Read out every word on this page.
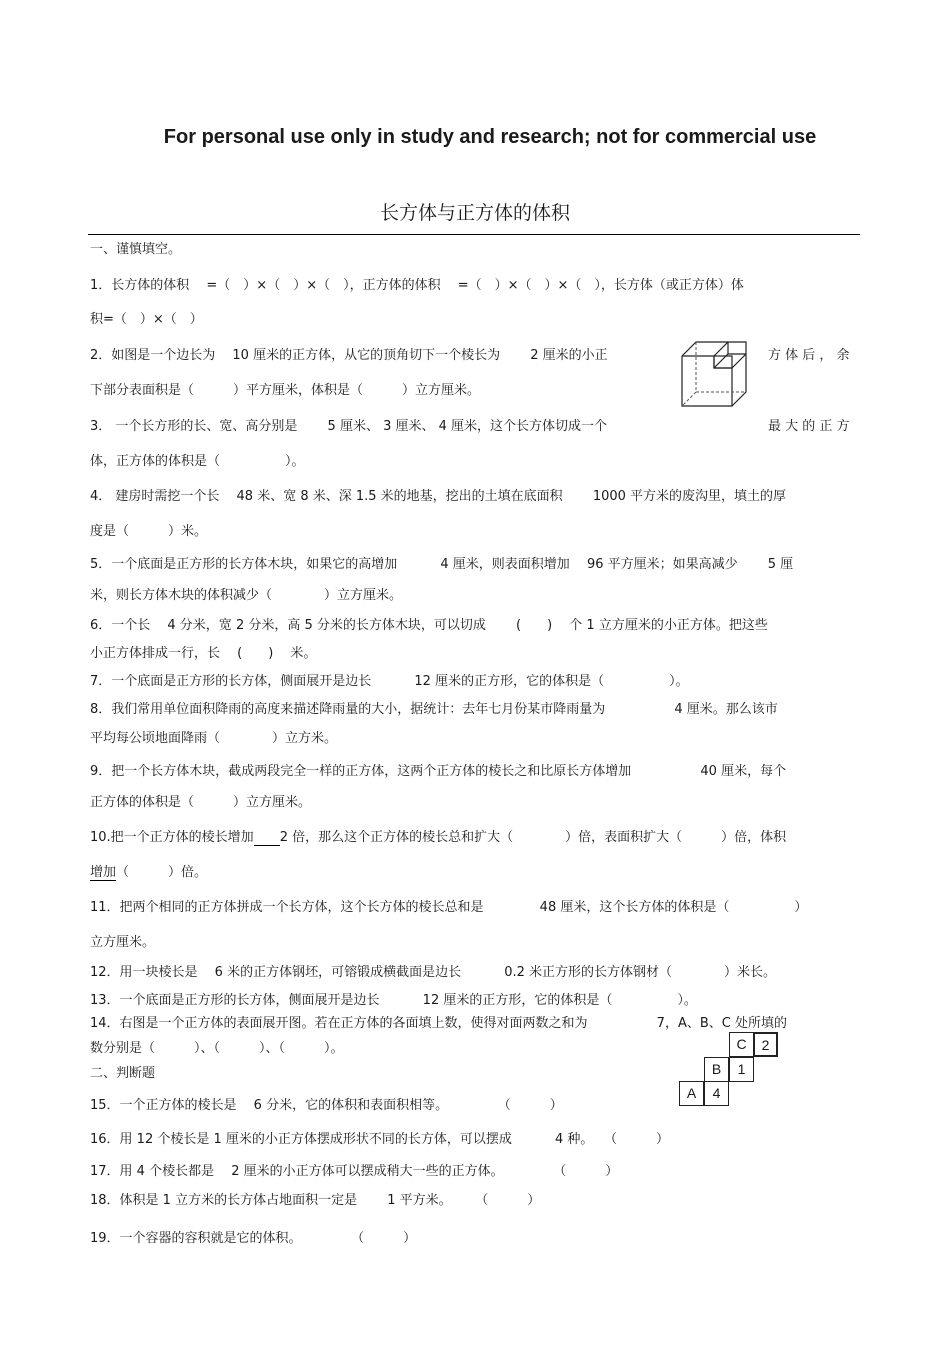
For personal use only in study and research; not for commercial use
长方体与正方体的体积
一、谨慎填空。
1．长方体的体积 　=（　）×（　）×（　），正方体的体积 　=（　）×（　）×（　），长方体（或正方体）体
积=（　）×（　）
2．如图是一个边长为 　10 厘米的正方体，从它的顶角切下一个棱长为 　　2 厘米的小正	方 体 后 ， 余
下部分表面积是（　　　）平方厘米，体积是（　　　）立方厘米。
3． 一个长方形的长、宽、高分别是 　　5 厘米、 3 厘米、 4 厘米，这个长方体切成一个	最 大 的 正 方
体，正方体的体积是（　　　　　）。
4． 建房时需挖一个长 　48 米、宽 8 米、深 1.5 米的地基，挖出的土填在底面积 　　1000 平方米的废沟里，填土的厚
度是（　　　）米。
5．一个底面是正方形的长方体木块，如果它的高增加 　　　4 厘米，则表面积增加 　96 平方厘米；如果高减少 　　5 厘
米，则长方体木块的体积减少（　　　　）立方厘米。
6．一个长 　4 分米，宽 2 分米，高 5 分米的长方体木块，可以切成 　　(　　) 　个 1 立方厘米的小正方体。把这些
小正方体排成一行，长 　(　　) 　米。
7．一个底面是正方形的长方体，侧面展开是边长 　　　12 厘米的正方形，它的体积是（　　　　　）。
8．我们常用单位面积降雨的高度来描述降雨量的大小，据统计：去年七月份某市降雨量为 　　　　　4 厘米。那么该市
平均每公顷地面降雨（　　　　）立方米。
9．把一个长方体木块，截成两段完全一样的正方体，这两个正方体的棱长之和比原长方体增加 　　　　　40 厘米，每个
正方体的体积是（　　　）立方厘米。
10.把一个正方体的棱长增加　　 2 倍，那么这个正方体的棱长总和扩大（　　　　）倍，表面积扩大（　　　）倍，体积
增加（　　　）倍。
11．把两个相同的正方体拼成一个长方体，这个长方体的棱长总和是 　　　　48 厘米，这个长方体的体积是（　　　　　）
立方厘米。
12．用一块棱长是 　6 米的正方体钢坯，可镕锻成横截面是边长 　　　0.2 米正方形的长方体钢材（　　　　）米长。
13．一个底面是正方形的长方体，侧面展开是边长 　　　12 厘米的正方形，它的体积是（　　　　　）。
14．右图是一个正方体的表面展开图。若在正方体的各面填上数，使得对面两数之和为 　　　　　7，A、B、C 处所填的
数分别是（　　　）、（　　　）、（　　　）。
二、判断题
15．一个正方体的棱长是 　6 分米，它的体积和表面积相等。 　　　　（　　　）
16．用 12 个棱长是 1 厘米的小正方体摆成形状不同的长方体，可以摆成 　　　4 种。 　（　　　）
17．用 4 个棱长都是 　2 厘米的小正方体可以摆成稍大一些的正方体。 　　　　（　　　）
18．体积是 1 立方米的长方体占地面积一定是 　　1 平方米。 　　（　　　）
19．一个容器的容积就是它的体积。 　　　　（　　　）
C	2
B	1
A	4
